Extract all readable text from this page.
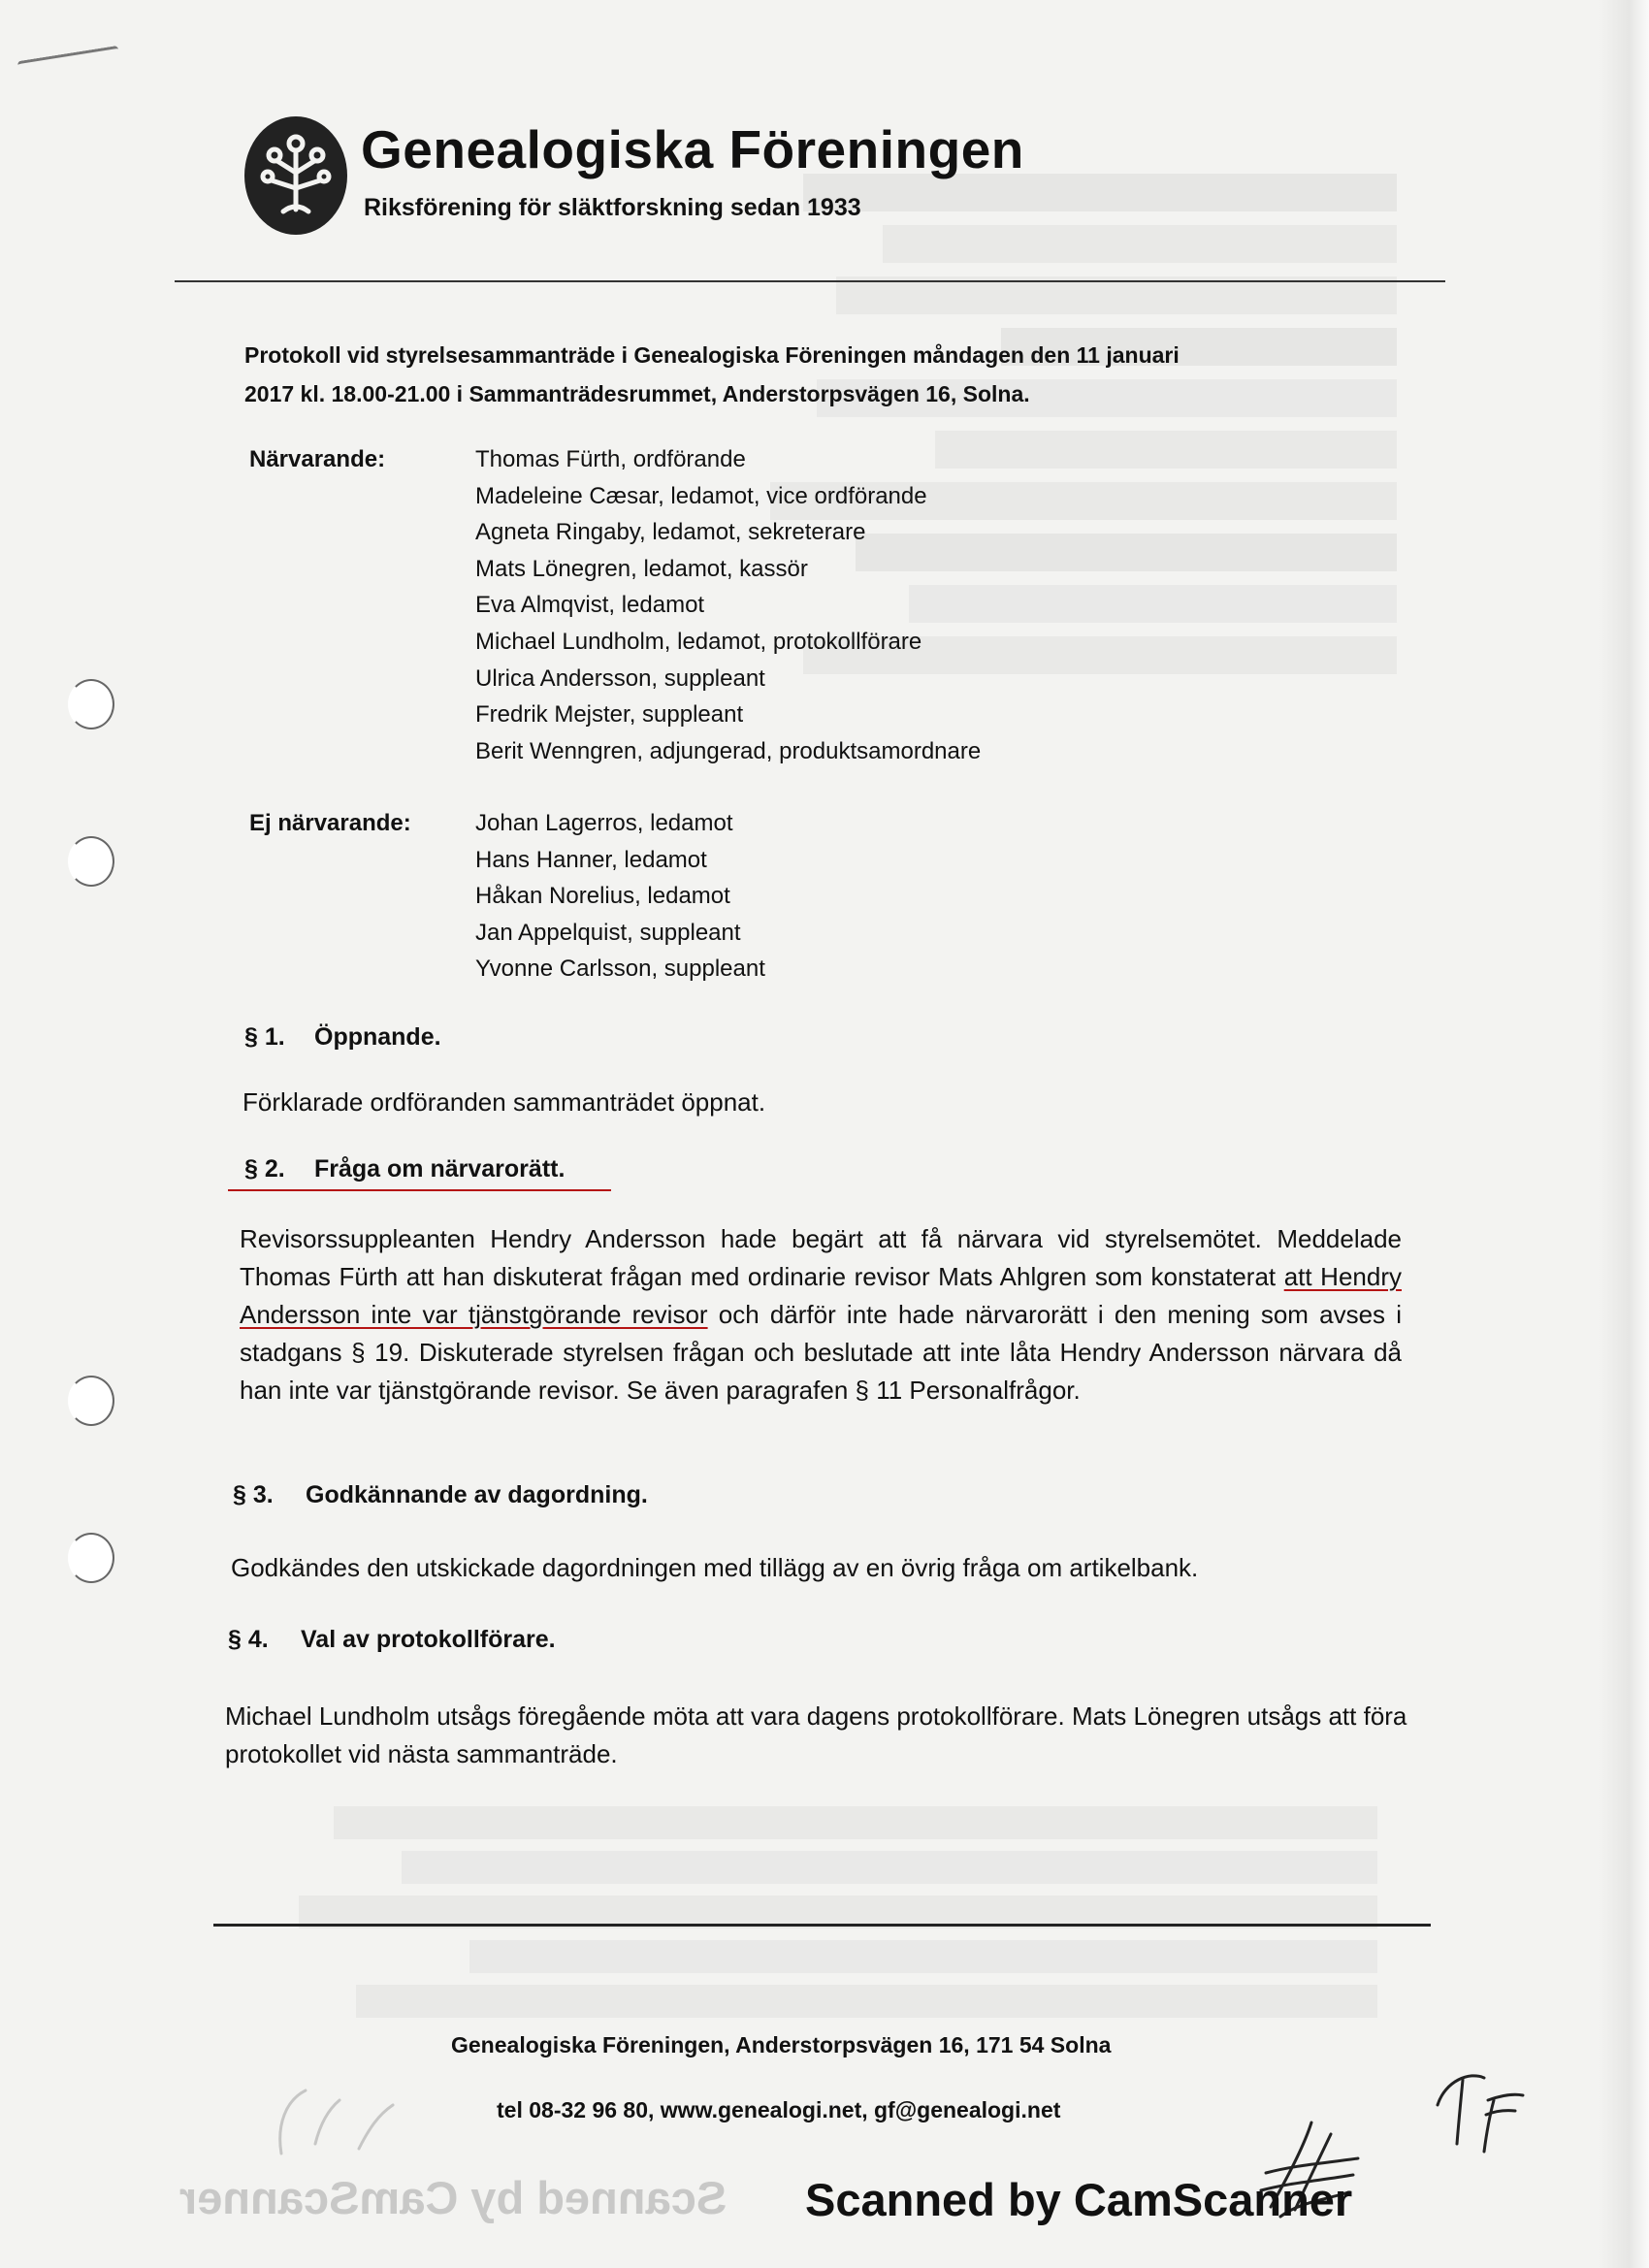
Genealogiska Föreningen
Riksförening för släktforskning sedan 1933
Protokoll vid styrelsesammanträde i Genealogiska Föreningen måndagen den 11 januari
2017 kl. 18.00-21.00 i Sammanträdesrummet, Anderstorpsvägen 16, Solna.
Närvarande:	Thomas Fürth, ordförande
Madeleine Cæsar, ledamot, vice ordförande
Agneta Ringaby, ledamot, sekreterare
Mats Lönegren, ledamot, kassör
Eva Almqvist, ledamot
Michael Lundholm, ledamot, protokollförare
Ulrica Andersson, suppleant
Fredrik Mejster, suppleant
Berit Wenngren, adjungerad, produktsamordnare
Ej närvarande:	Johan Lagerros, ledamot
Hans Hanner, ledamot
Håkan Norelius, ledamot
Jan Appelquist, suppleant
Yvonne Carlsson, suppleant
§ 1. Öppnande.
Förklarade ordföranden sammanträdet öppnat.
§ 2. Fråga om närvarorätt.
Revisorssuppleanten Hendry Andersson hade begärt att få närvara vid styrelsemötet. Meddelade Thomas Fürth att han diskuterat frågan med ordinarie revisor Mats Ahlgren som konstaterat att Hendry Andersson inte var tjänstgörande revisor och därför inte hade närvarorätt i den mening som avses i stadgans § 19. Diskuterade styrelsen frågan och beslutade att inte låta Hendry Andersson närvara då han inte var tjänstgörande revisor. Se även paragrafen § 11 Personalfrågor.
§ 3. Godkännande av dagordning.
Godkändes den utskickade dagordningen med tillägg av en övrig fråga om artikelbank.
§ 4. Val av protokollförare.
Michael Lundholm utsågs föregående möta att vara dagens protokollförare. Mats Lönegren utsågs att föra protokollet vid nästa sammanträde.
Genealogiska Föreningen, Anderstorpsvägen 16, 171 54 Solna
tel 08-32 96 80, www.genealogi.net, gf@genealogi.net
TF
Scanned by CamScanner Scanned by CamScanner
